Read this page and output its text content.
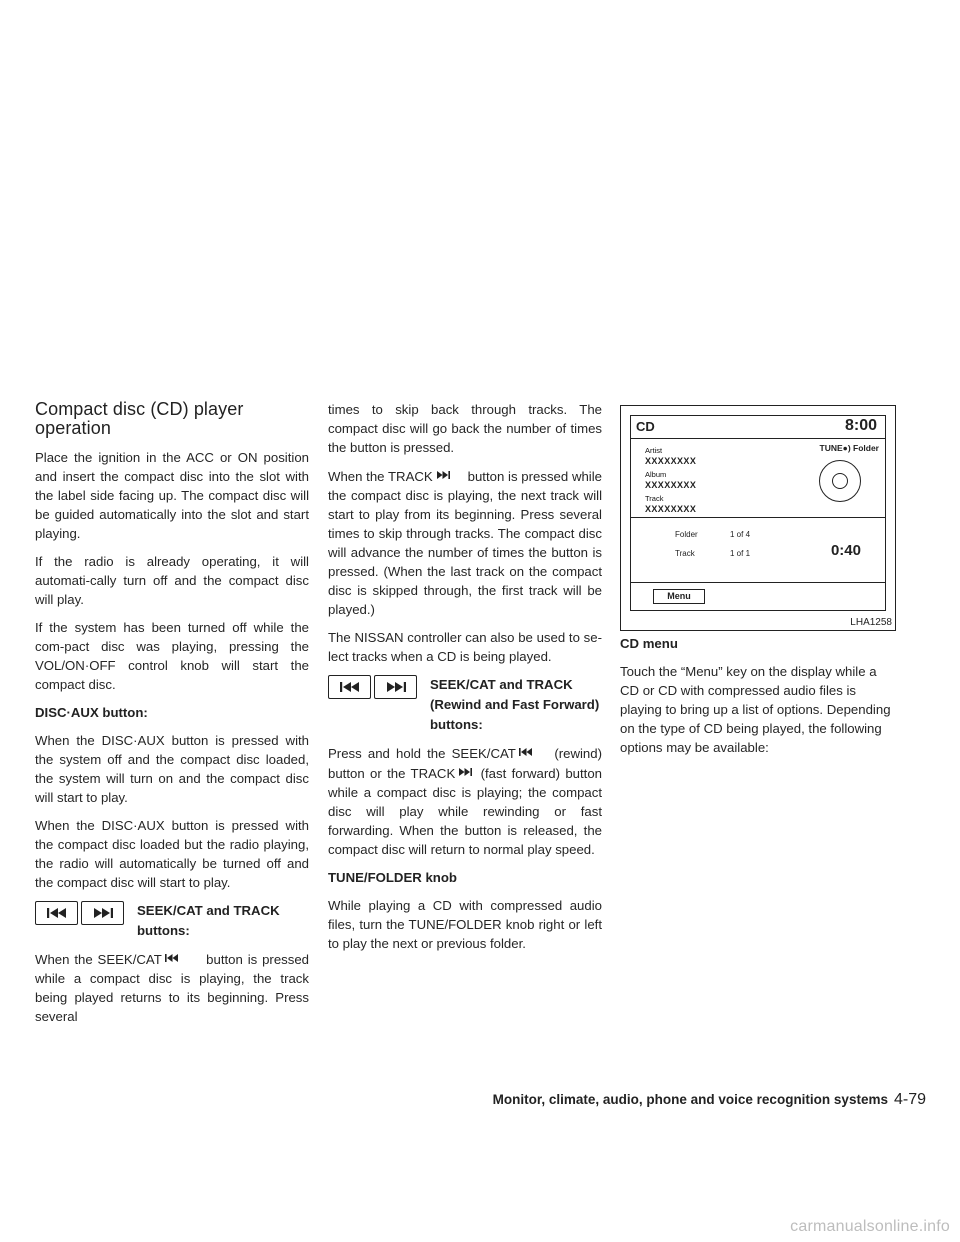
Compact disc (CD) player operation

Place the ignition in the ACC or ON position and insert the compact disc into the slot with the label side facing up. The compact disc will be guided automatically into the slot and start playing.

If the radio is already operating, it will automati-cally turn off and the compact disc will play.

If the system has been turned off while the com-pact disc was playing, pressing the VOL/ON·OFF control knob will start the compact disc.

DISC·AUX button:

When the DISC·AUX button is pressed with the system off and the compact disc loaded, the system will turn on and the compact disc will start to play.

When the DISC·AUX button is pressed with the compact disc loaded but the radio playing, the radio will automatically be turned off and the compact disc will start to play.

SEEK/CAT and TRACK buttons:

When the SEEK/CAT	button is pressed while a compact disc is playing, the track being played returns to its beginning. Press several

times to skip back through tracks. The compact disc will go back the number of times the button is pressed.

When the TRACK	button is pressed while the compact disc is playing, the next track will start to play from its beginning. Press several times to skip through tracks. The compact disc will advance the number of times the button is pressed. (When the last track on the compact disc is skipped through, the first track will be played.)

The NISSAN controller can also be used to se-lect tracks when a CD is being played.

SEEK/CAT and TRACK (Rewind and Fast Forward) buttons:

Press and hold the SEEK/CAT	(rewind) button or the TRACK (fast forward) button while a compact disc is playing; the compact disc will play while rewinding or fast forwarding. When the button is released, the compact disc will return to normal play speed.

TUNE/FOLDER knob

While playing a CD with compressed audio files, turn the TUNE/FOLDER knob right or left to play the next or previous folder.

CD	8:00
TUNE●) Folder
Artist
XXXXXXXX
Album
XXXXXXXX
Track
XXXXXXXX
Folder	1 of 4
Track	1 of 1	0:40
Menu
LHA1258

CD menu

Touch the “Menu” key on the display while a CD or CD with compressed audio files is playing to bring up a list of options. Depending on the type of CD being played, the following options may be available:

Monitor, climate, audio, phone and voice recognition systems 4-79
carmanualsonline.info
